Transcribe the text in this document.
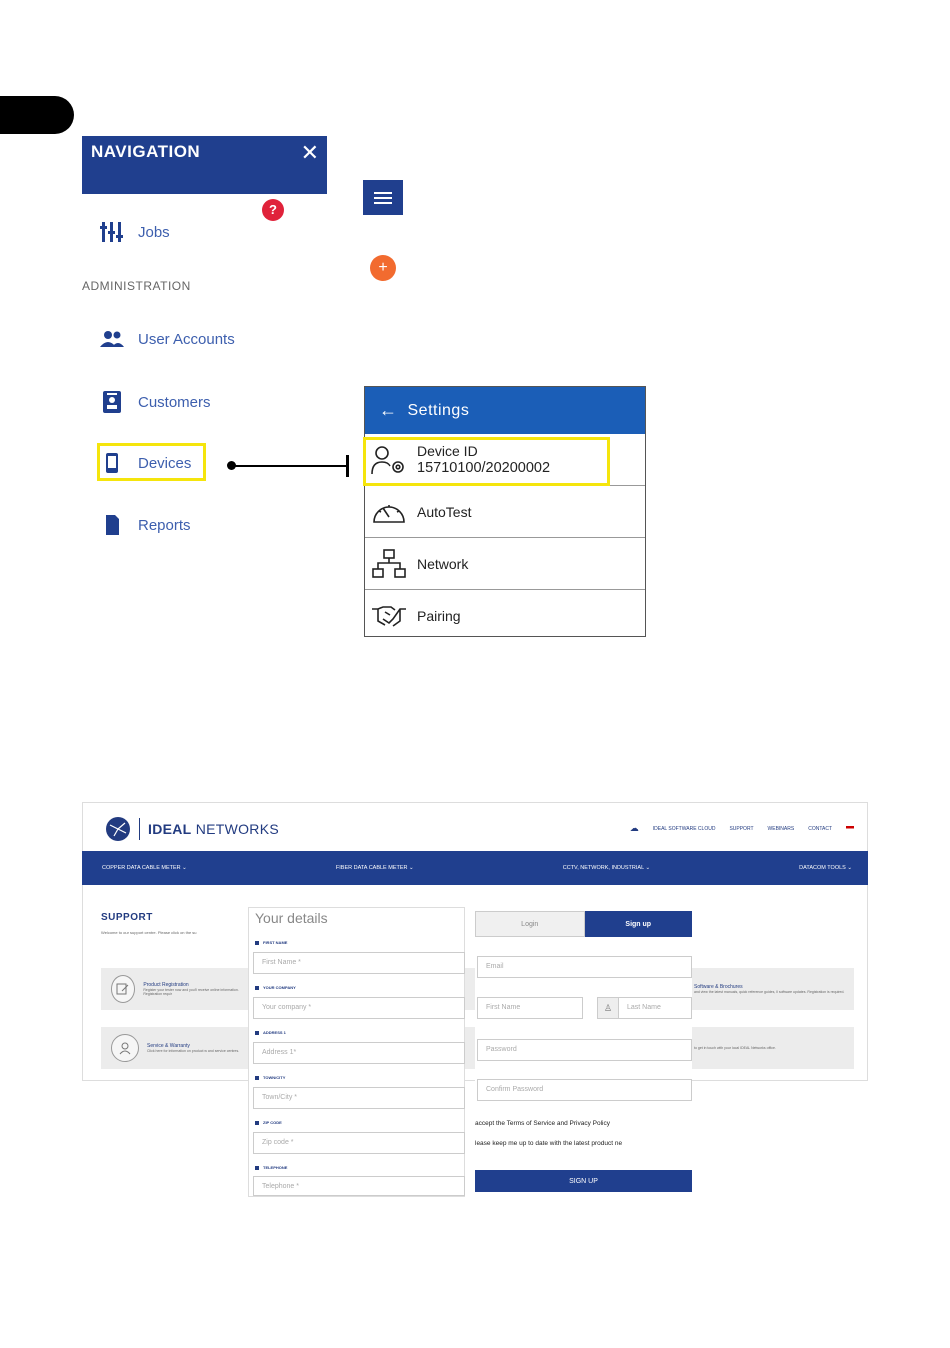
NAVIGATION	✕
?
Jobs
ADMINISTRATION
User Accounts
Customers
Devices
Reports
+
← Settings
Device ID
15710100/20200002
AutoTest
Network
Pairing
IDEAL NETWORKS	☁	IDEAL SOFTWARE CLOUD	SUPPORT	WEBINARS	CONTACT
COPPER DATA CABLE METER ⌄	FIBER DATA CABLE METER ⌄	CCTV, NETWORK, INDUSTRIAL ⌄	DATACOM TOOLS ⌄
SUPPORT
Welcome to our support centre. Please click on the su
Product Registration
Register your tester now and you'll receive online information. Registration requir
Service & Warranty
Click here for information on product w and service centres.
Software & Brochures
and view the latest manuals, quick reference guides, ll software updates. Registration is required.
to get in touch with your local IDEAL Networks office.
Your details
FIRST NAME
First Name *
YOUR COMPANY
Your company *
ADDRESS 1
Address 1*
TOWN/CITY
Town/City *
ZIP CODE
Zip code *
TELEPHONE
Telephone *
Login	Sign up
Email
First Name	♙	Last Name
Password
Confirm Password
accept the Terms of Service and Privacy Policy
lease keep me up to date with the latest product ne
SIGN UP
